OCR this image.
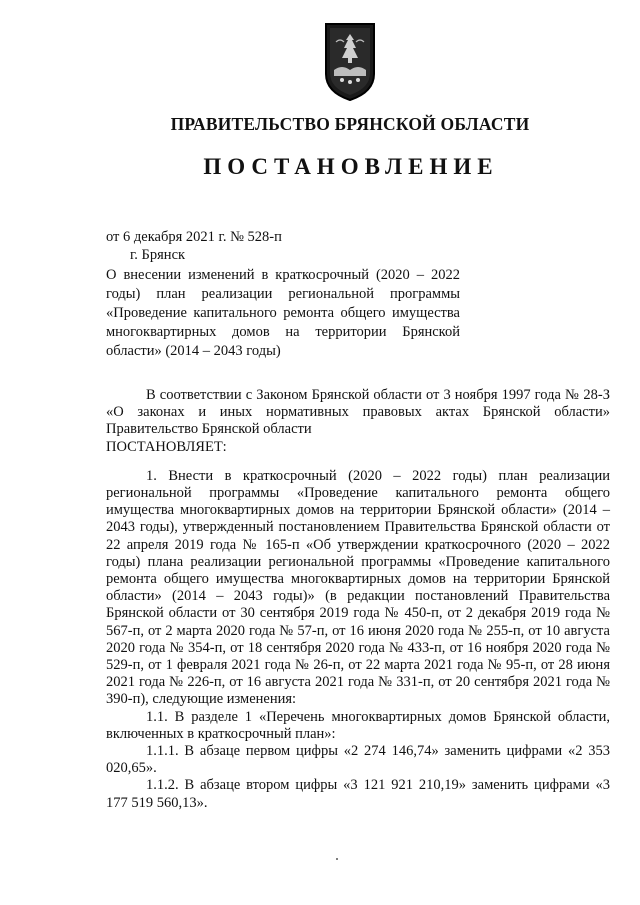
ПРАВИТЕЛЬСТВО БРЯНСКОЙ ОБЛАСТИ
ПОСТАНОВЛЕНИЕ
от 6 декабря 2021 г. № 528-п
г. Брянск
О внесении изменений в краткосрочный (2020 – 2022 годы) план реализации региональной программы «Проведение капитального ремонта общего имущества многоквартирных домов на территории Брянской области» (2014 – 2043 годы)

В соответствии с Законом Брянской области от 3 ноября 1997 года № 28-З «О законах и иных нормативных правовых актах Брянской области» Правительство Брянской области

ПОСТАНОВЛЯЕТ:

1. Внести в краткосрочный (2020 – 2022 годы) план реализации региональной программы «Проведение капитального ремонта общего имущества многоквартирных домов на территории Брянской области» (2014 – 2043 годы), утвержденный постановлением Правительства Брянской области от 22 апреля 2019 года № 165-п «Об утверждении краткосрочного (2020 – 2022 годы) плана реализации региональной программы «Проведение капитального ремонта общего имущества многоквартирных домов на территории Брянской области» (2014 – 2043 годы)» (в редакции постановлений Правительства Брянской области от 30 сентября 2019 года № 450-п, от 2 декабря 2019 года № 567-п, от 2 марта 2020 года № 57-п, от 16 июня 2020 года № 255-п, от 10 августа 2020 года № 354-п, от 18 сентября 2020 года № 433-п, от 16 ноября 2020 года № 529-п, от 1 февраля 2021 года № 26-п, от 22 марта 2021 года № 95-п, от 28 июня 2021 года № 226-п, от 16 августа 2021 года № 331-п, от 20 сентября 2021 года № 390-п), следующие изменения:

1.1. В разделе 1 «Перечень многоквартирных домов Брянской области, включенных в краткосрочный план»:

1.1.1. В абзаце первом цифры «2 274 146,74» заменить цифрами «2 353 020,65».

1.1.2. В абзаце втором цифры «3 121 921 210,19» заменить цифрами «3 177 519 560,13».
